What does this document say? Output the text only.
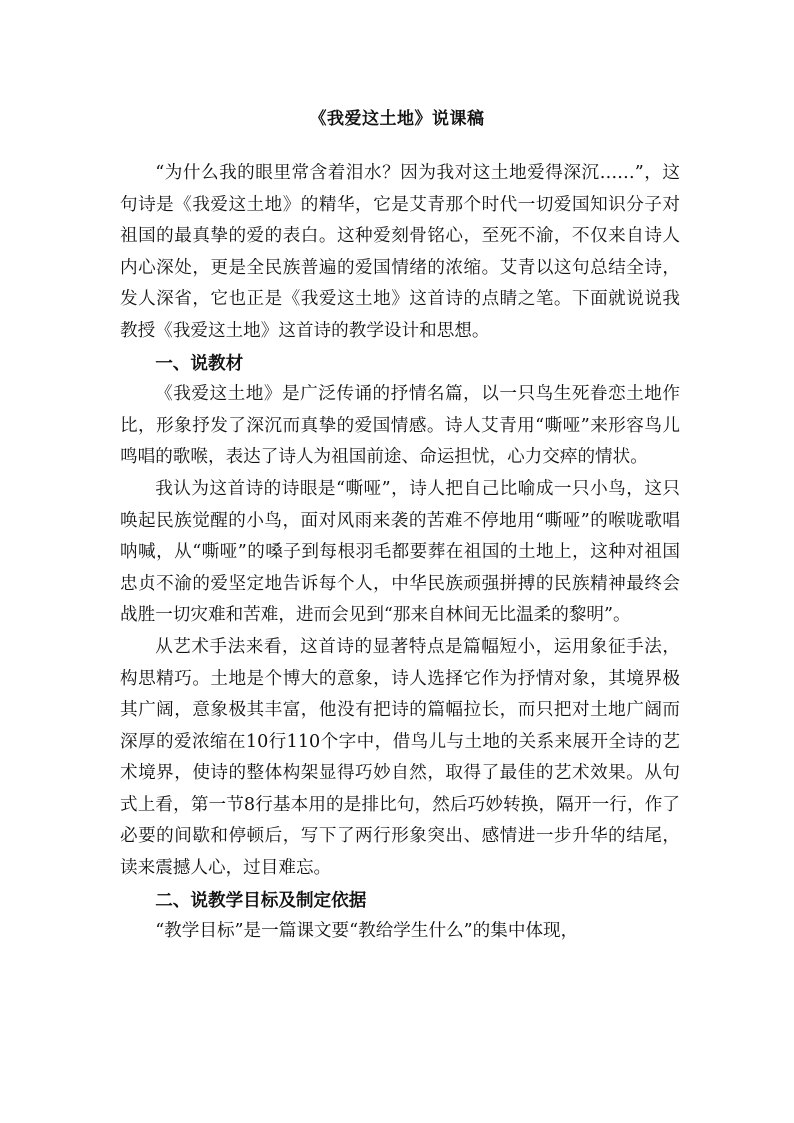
《我爱这土地》说课稿

“为什么我的眼里常含着泪水？因为我对这土地爱得深沉……”，这句诗是《我爱这土地》的精华，它是艾青那个时代一切爱国知识分子对祖国的最真挚的爱的表白。这种爱刻骨铭心，至死不渝，不仅来自诗人内心深处，更是全民族普遍的爱国情绪的浓缩。艾青以这句总结全诗，发人深省，它也正是《我爱这土地》这首诗的点睛之笔。下面就说说我教授《我爱这土地》这首诗的教学设计和思想。

一、说教材

《我爱这土地》是广泛传诵的抒情名篇，以一只鸟生死眷恋土地作比，形象抒发了深沉而真挚的爱国情感。诗人艾青用“嘶哑”来形容鸟儿鸣唱的歌喉，表达了诗人为祖国前途、命运担忧，心力交瘁的情状。

我认为这首诗的诗眼是“嘶哑”，诗人把自己比喻成一只小鸟，这只唤起民族觉醒的小鸟，面对风雨来袭的苦难不停地用“嘶哑”的喉咙歌唱呐喊，从“嘶哑”的嗓子到每根羽毛都要葬在祖国的土地上，这种对祖国忠贞不渝的爱坚定地告诉每个人，中华民族顽强拼搏的民族精神最终会战胜一切灾难和苦难，进而会见到“那来自林间无比温柔的黎明”。

从艺术手法来看，这首诗的显著特点是篇幅短小，运用象征手法，构思精巧。土地是个博大的意象，诗人选择它作为抒情对象，其境界极其广阔，意象极其丰富，他没有把诗的篇幅拉长，而只把对土地广阔而深厚的爱浓缩在10行110个字中，借鸟儿与土地的关系来展开全诗的艺术境界，使诗的整体构架显得巧妙自然，取得了最佳的艺术效果。从句式上看，第一节8行基本用的是排比句，然后巧妙转换，隔开一行，作了必要的间歇和停顿后，写下了两行形象突出、感情进一步升华的结尾，读来震撼人心，过目难忘。

二、说教学目标及制定依据

“教学目标”是一篇课文要“教给学生什么”的集中体现，
